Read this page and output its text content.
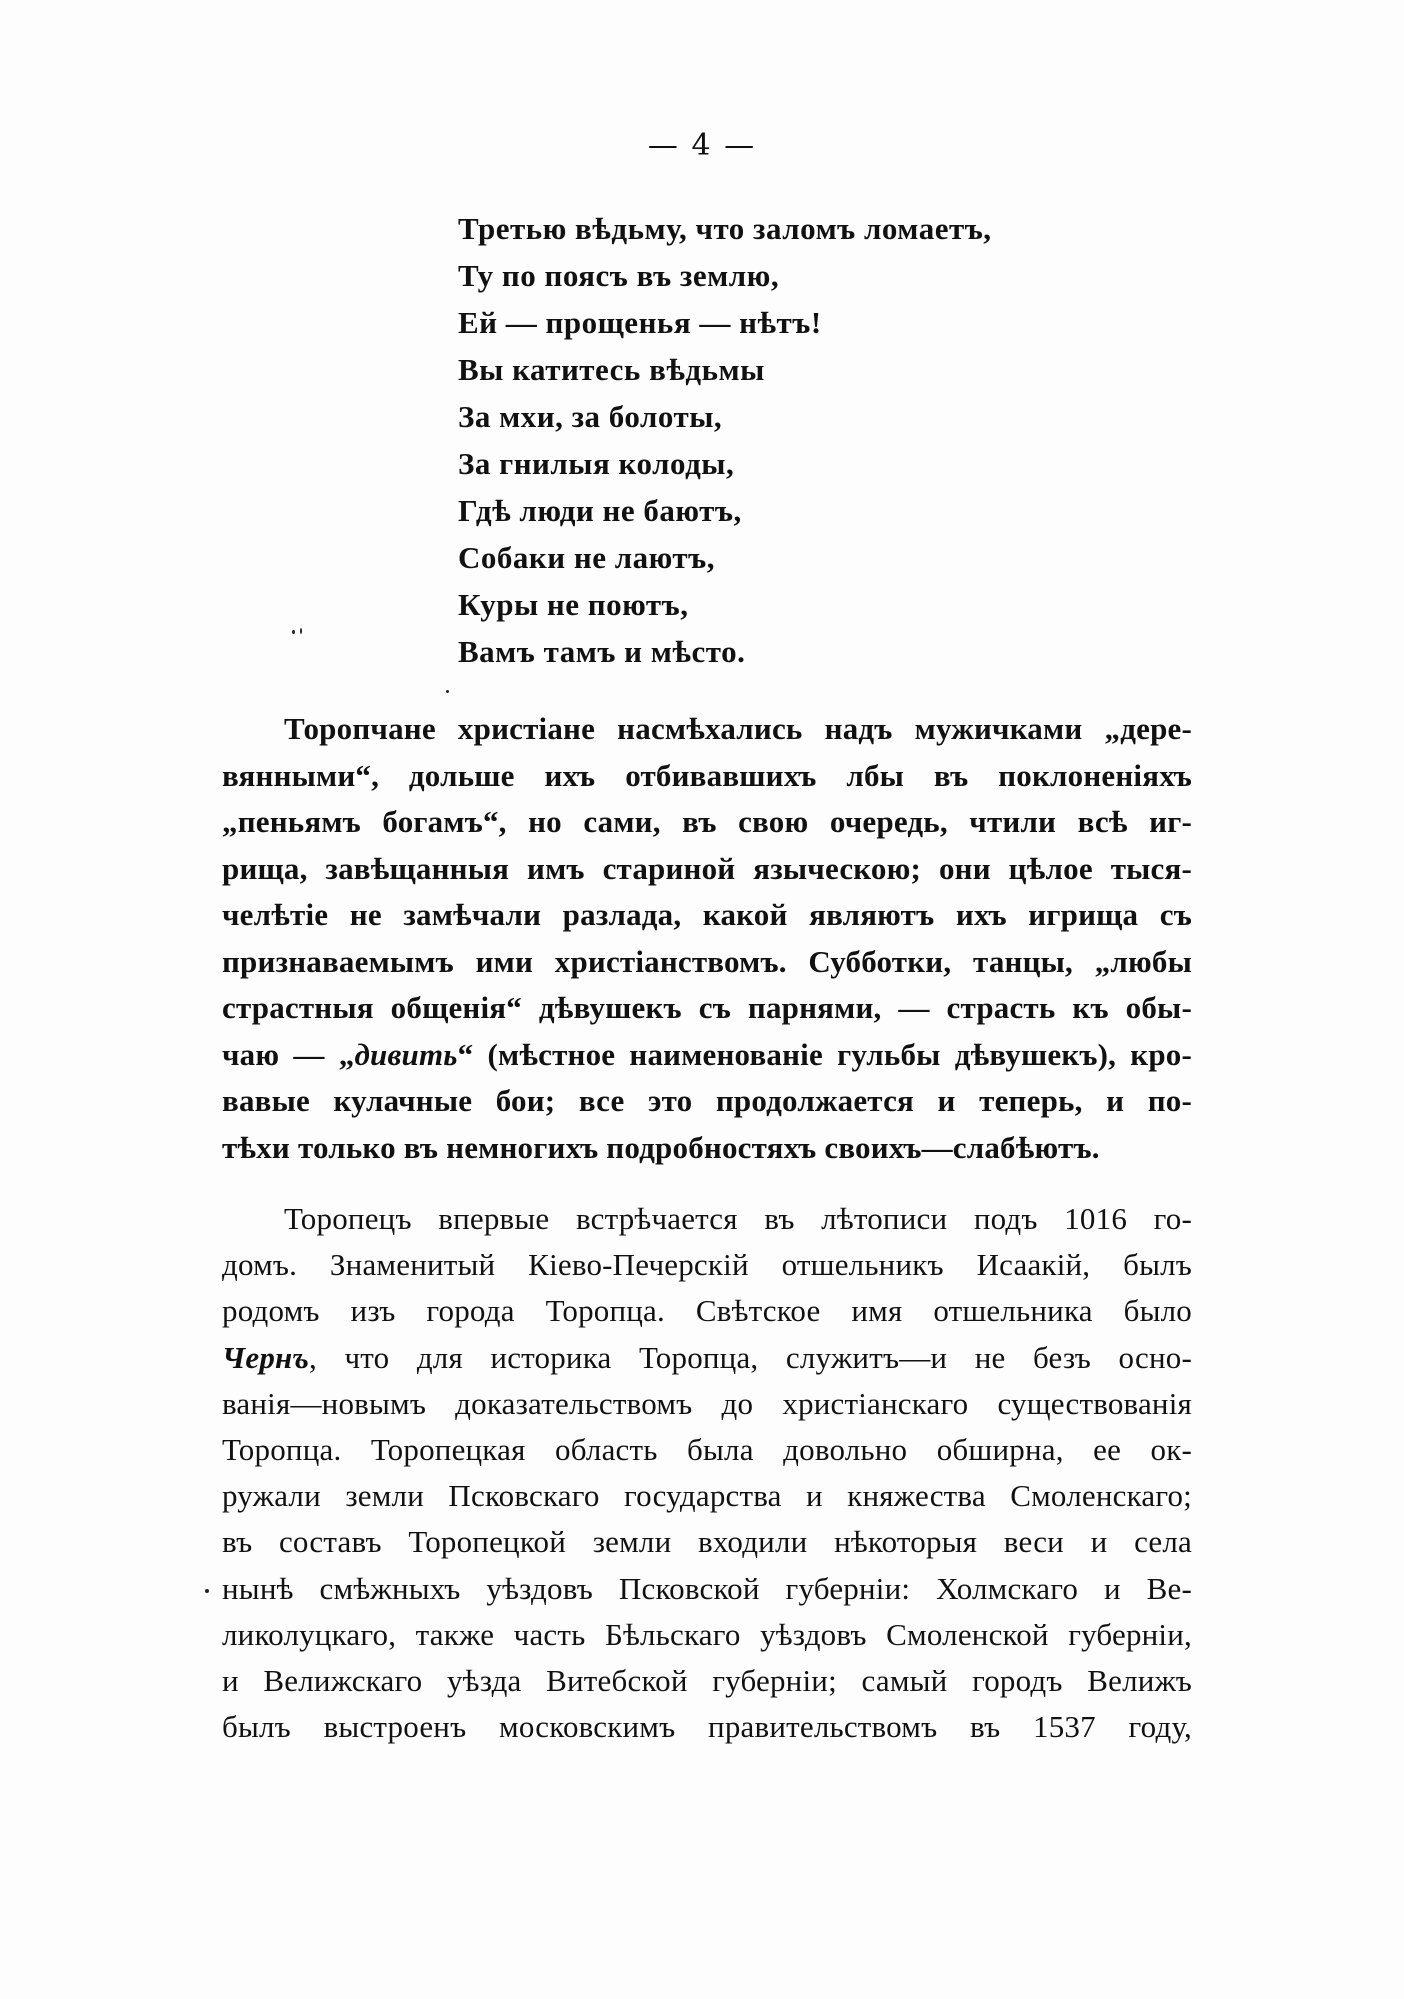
— 4 —
Третью вѣдьму, что заломъ ломаетъ,
Ту по поясъ въ землю,
Ей — прощенья — нѣтъ!
Вы катитесь вѣдьмы
За мхи, за болоты,
За гнилыя колоды,
Гдѣ люди не баютъ,
Собаки не лаютъ,
Куры не поютъ,
Вамъ тамъ и мѣсто.
Торопчане христiане насмѣхались надъ мужичками „дере-
вянными“, дольше ихъ отбивавшихъ лбы въ поклоненiяхъ
„пеньямъ богамъ“, но сами, въ свою очередь, чтили всѣ иг-
рища, завѣщанныя имъ стариной языческою; они цѣлое тыся-
челѣтiе не замѣчали разлада, какой являютъ ихъ игрища съ
признаваемымъ ими христiанствомъ. Субботки, танцы, „любы
страстныя общенiя“ дѣвушекъ съ парнями, — страсть къ обы-
чаю — „дивить“ (мѣстное наименованiе гульбы дѣвушекъ), кро-
вавые кулачные бои; все это продолжается и теперь, и по-
тѣхи только въ немногихъ подробностяхъ своихъ—слабѣютъ.
Торопецъ впервые встрѣчается въ лѣтописи подъ 1016 го-
домъ. Знаменитый Кiево-Печерскiй отшельникъ Исаакiй, былъ
родомъ изъ города Торопца. Свѣтское имя отшельника было
Чернъ, что для историка Торопца, служитъ—и не безъ осно-
ванiя—новымъ доказательствомъ до христiанскаго существованiя
Торопца. Торопецкая область была довольно обширна, ее ок-
ружали земли Псковскаго государства и княжества Смоленскаго;
въ составъ Торопецкой земли входили нѣкоторыя веси и села
нынѣ смѣжныхъ уѣздовъ Псковской губернiи: Холмскаго и Ве-
ликолуцкаго, также часть Бѣльскаго уѣздовъ Смоленской губернiи,
и Велижскаго уѣзда Витебской губернiи; самый городъ Велижъ
былъ выстроенъ московскимъ правительствомъ въ 1537 году,
